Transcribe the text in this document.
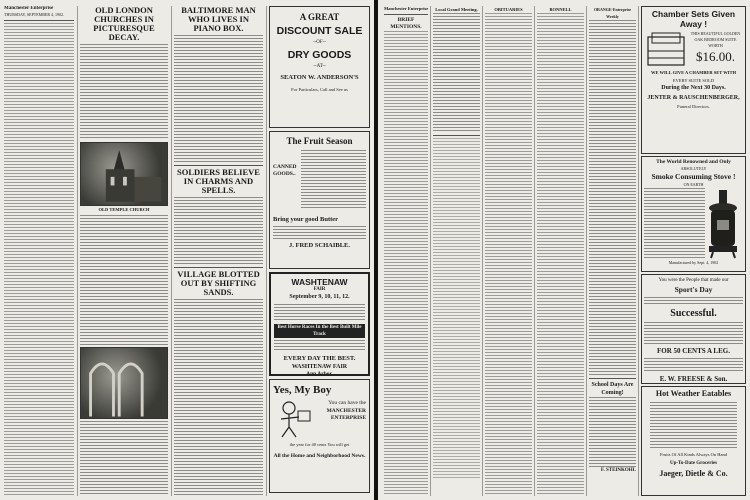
Manchester Enterprise
THURSDAY, SEPTEMBER 4, 1902.	OLD LONDON CHURCHES IN PICTURESQUE DECAY.
OLD TEMPLE CHURCH
BALTIMORE MAN WHO LIVES IN PIANO BOX.
SOLDIERS BELIEVE IN CHARMS AND SPELLS.
VILLAGE BLOTTED OUT BY SHIFTING SANDS.
A GREAT
DISCOUNT SALE
--OF--
DRY GOODS
--AT--
SEATON W. ANDERSON'S
For Particulars, Call and See us
The Fruit Season
CANNED GOODS..
Bring your good Butter
J. FRED SCHAIBLE.
WASHTENAW
FAIR
September 9, 10, 11, 12.
Best Horse Races In the Best Built Mile Track
EVERY DAY THE BEST.
WASHTENAW FAIR
Ann Arbor.
Yes, My Boy
You can have the
MANCHESTER ENTERPRISE
the year for 40 cents You will get
All the Home and Neighborhood News.
Manchester Enterprise
BRIEF MENTIONS.
Local Grand Meeting.	OBITUARIES	BONNELL	ORANGE-Enterprise Weekly
School Days Are Coming!
F. STEINKOHL
Chamber Sets Given Away !
THIS BEAUTIFUL GOLDEN OAK BEDROOM SUITE WORTH
$16.00.
WE WILL GIVE A CHAMBER SET WITH
EVERY SUITE SOLD
During the Next 30 Days.
JENTER & RAUSCHENBERGER,
Funeral Directors.
The World Renowned and Only
ABSOLUTELY
Smoke Consuming Stove !
ON EARTH
Manufactured by Sept. 4, 1902
You were the People that made our
Sport's Day
Successful.
FOR 50 CENTS A LEG.
E. W. FREESE & Son.
Hot Weather Eatables
Fruits Of All Kinds Always On Hand
Up-To-Date Groceries
Jaeger, Dietle & Co.
